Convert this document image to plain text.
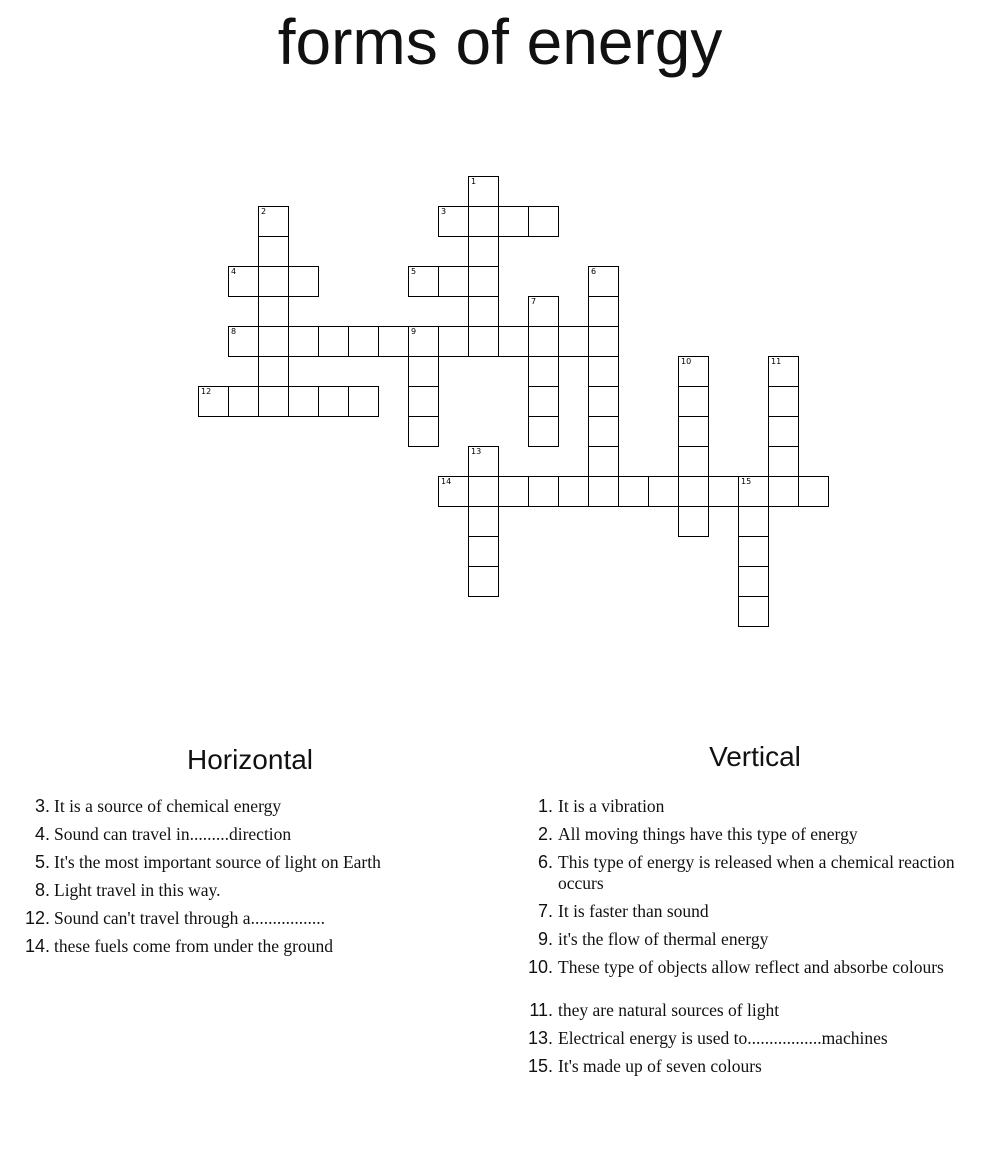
forms of energy
3
4	5
8	9
12
14	15
1
2
6
7
10	11
13
Horizontal
3. It is a source of chemical energy
4. Sound can travel in.........direction
5. It's the most important source of light on Earth
8. Light travel in this way.
12. Sound can't travel through a.................
14. these fuels come from under the ground
Vertical
1. It is a vibration
2. All moving things have this type of energy
6. This type of energy is released when a chemical reaction occurs
7. It is faster than sound
9. it's the flow of thermal energy
10. These type of objects allow reflect and absorbe colours
11. they are natural sources of light
13. Electrical energy is used to.................machines
15. It's made up of seven colours
